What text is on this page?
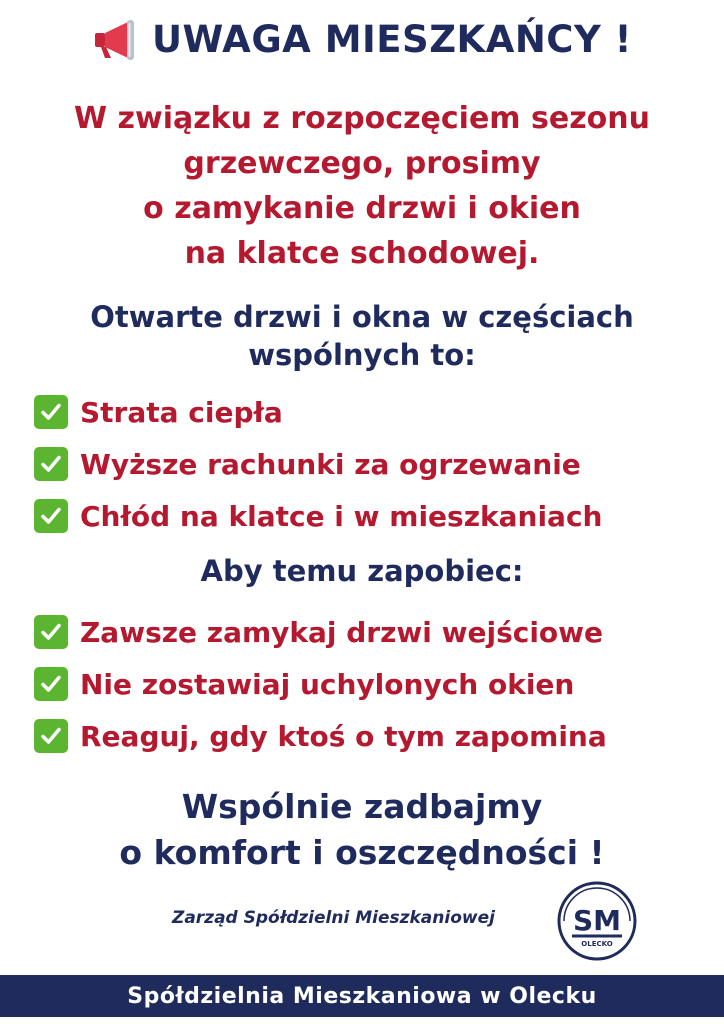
UWAGA MIESZKAŃCY !
W związku z rozpoczęciem sezonu
grzewczego, prosimy
o zamykanie drzwi i okien
na klatce schodowej.
Otwarte drzwi i okna w częściach
wspólnych to:
Strata ciepła
Wyższe rachunki za ogrzewanie
Chłód na klatce i w mieszkaniach
Aby temu zapobiec:
Zawsze zamykaj drzwi wejściowe
Nie zostawiaj uchylonych okien
Reaguj, gdy ktoś o tym zapomina
Wspólnie zadbajmy
o komfort i oszczędności !
Zarząd Spółdzielni Mieszkaniowej	SM
OLECKO
Spółdzielnia Mieszkaniowa w Olecku
